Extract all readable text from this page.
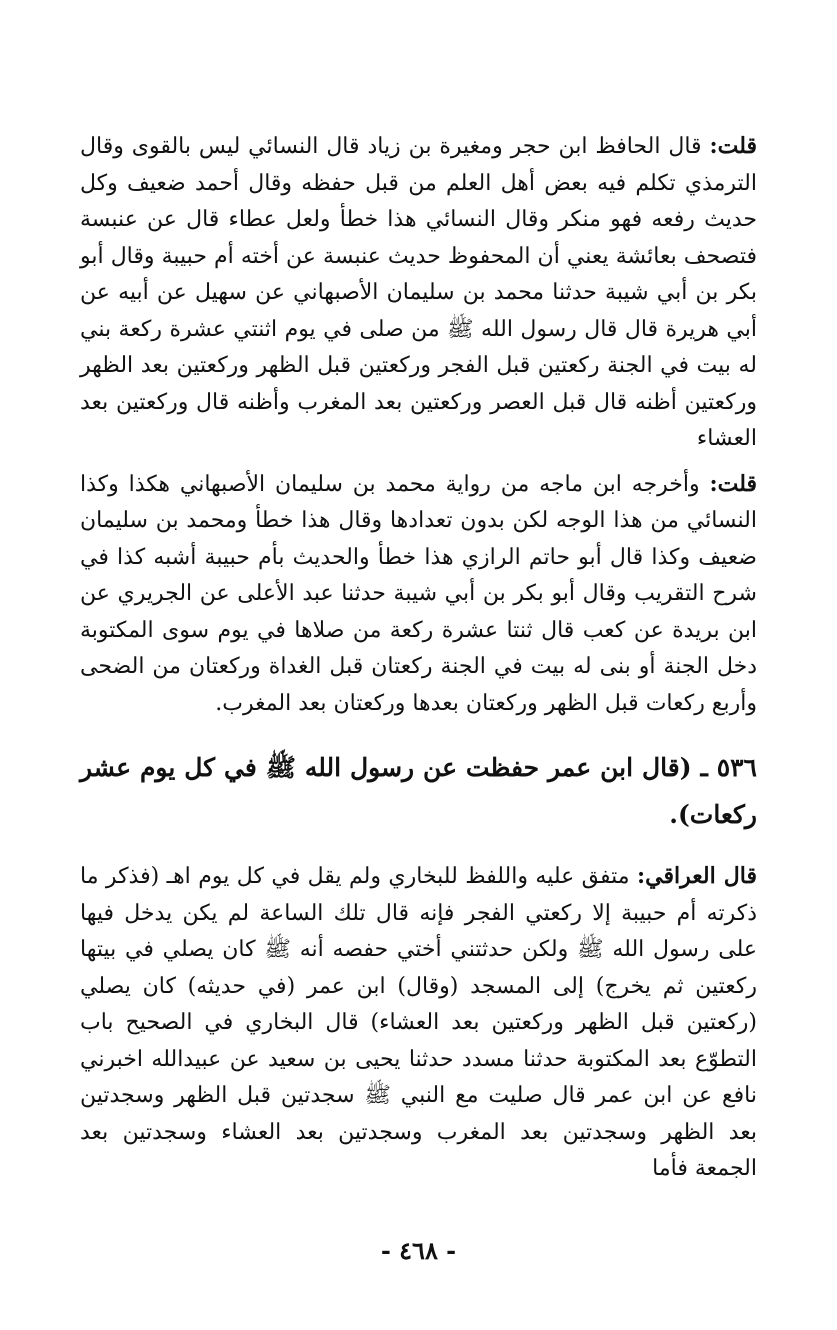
قلت: قال الحافظ ابن حجر ومغيرة بن زياد قال النسائي ليس بالقوى وقال الترمذي تكلم فيه بعض أهل العلم من قبل حفظه وقال أحمد ضعيف وكل حديث رفعه فهو منكر وقال النسائي هذا خطأ ولعل عطاء قال عن عنبسة فتصحف بعائشة يعني أن المحفوظ حديث عنبسة عن أخته أم حبيبة وقال أبو بكر بن أبي شيبة حدثنا محمد بن سليمان الأصبهاني عن سهيل عن أبيه عن أبي هريرة قال قال رسول الله ﷺ من صلى في يوم اثنتي عشرة ركعة بني له بيت في الجنة ركعتين قبل الفجر وركعتين قبل الظهر وركعتين بعد الظهر وركعتين أظنه قال قبل العصر وركعتين بعد المغرب وأظنه قال وركعتين بعد العشاء

قلت: وأخرجه ابن ماجه من رواية محمد بن سليمان الأصبهاني هكذا وكذا النسائي من هذا الوجه لكن بدون تعدادها وقال هذا خطأ ومحمد بن سليمان ضعيف وكذا قال أبو حاتم الرازي هذا خطأ والحديث بأم حبيبة أشبه كذا في شرح التقريب وقال أبو بكر بن أبي شيبة حدثنا عبد الأعلى عن الجريري عن ابن بريدة عن كعب قال ثنتا عشرة ركعة من صلاها في يوم سوى المكتوبة دخل الجنة أو بنى له بيت في الجنة ركعتان قبل الغداة وركعتان من الضحى وأربع ركعات قبل الظهر وركعتان بعدها وركعتان بعد المغرب.

٥٣٦ ـ (قال ابن عمر حفظت عن رسول الله ﷺ في كل يوم عشر ركعات).

قال العراقي: متفق عليه واللفظ للبخاري ولم يقل في كل يوم اهـ (فذكر ما ذكرته أم حبيبة إلا ركعتي الفجر فإنه قال تلك الساعة لم يكن يدخل فيها على رسول الله ﷺ ولكن حدثتني أختي حفصه أنه ﷺ كان يصلي في بيتها ركعتين ثم يخرج) إلى المسجد (وقال) ابن عمر (في حديثه) كان يصلي (ركعتين قبل الظهر وركعتين بعد العشاء) قال البخاري في الصحيح باب التطوّع بعد المكتوبة حدثنا مسدد حدثنا يحيى بن سعيد عن عبيدالله اخبرني نافع عن ابن عمر قال صليت مع النبي ﷺ سجدتين قبل الظهر وسجدتين بعد الظهر وسجدتين بعد المغرب وسجدتين بعد العشاء وسجدتين بعد الجمعة فأما

- ٤٦٨ -
